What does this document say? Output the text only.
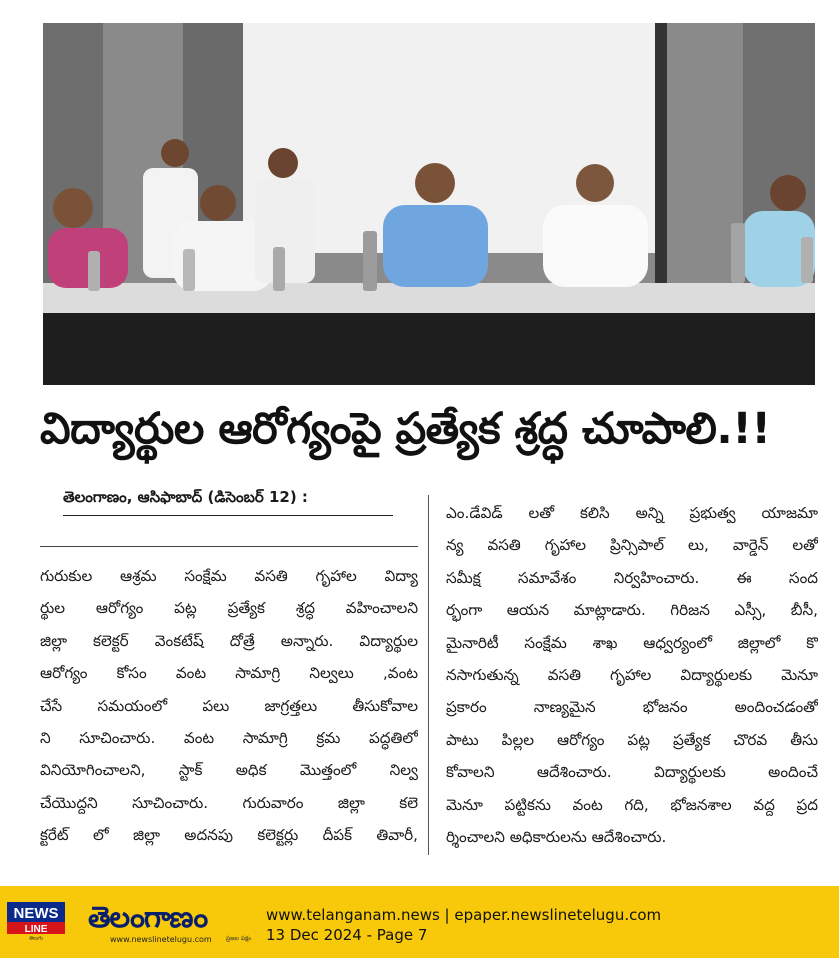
విద్యార్థుల ఆరోగ్యంపై ప్రత్యేక శ్రద్ధ చూపాలి.!!
తెలంగాణం, ఆసిఫాబాద్ (డిసెంబర్ 12) :
గురుకుల ఆశ్రమ సంక్షేమ వసతి గృహాల విద్యా
ర్థుల ఆరోగ్యం పట్ల ప్రత్యేక శ్రద్ధ వహించాలని
జిల్లా కలెక్టర్ వెంకటేష్ దోత్రే అన్నారు. విద్యార్థుల
ఆరోగ్యం కోసం వంట సామాగ్రి నిల్వలు ,వంట
చేసే సమయంలో పలు జాగ్రత్తలు తీసుకోవాల
ని సూచించారు. వంట సామాగ్రి క్రమ పద్ధతిలో
వినియోగించాలని, స్టాక్ అధిక మొత్తంలో నిల్వ
చేయొద్దని సూచించారు. గురువారం జిల్లా కలె
క్టరేట్ లో జిల్లా అదనపు కలెక్టర్లు దీపక్ తివారీ,
ఎం.డేవిడ్ లతో కలిసి అన్ని ప్రభుత్వ యాజమా
న్య వసతి గృహాల ప్రిన్సిపాల్ లు, వార్డెన్ లతో
సమీక్ష సమావేశం నిర్వహించారు. ఈ సంద
ర్భంగా ఆయన మాట్లాడారు. గిరిజన ఎస్సీ, బీసీ,
మైనారిటీ సంక్షేమ శాఖ ఆధ్వర్యంలో జిల్లాలో కొ
నసాగుతున్న వసతి గృహాల విద్యార్థులకు మెనూ
ప్రకారం నాణ్యమైన భోజనం అందించడంతో
పాటు పిల్లల ఆరోగ్యం పట్ల ప్రత్యేక చొరవ తీసు
కోవాలని ఆదేశించారు. విద్యార్థులకు అందించే
మెనూ పట్టికను వంట గది, భోజనశాల వద్ద ప్రద
ర్శించాలని అధికారులను ఆదేశించారు.
NEWS
LINE
తెలుగు
తెలంగాణం
www.newslinetelugu.com ప్రజల పక్షం
www.telanganam.news | epaper.newslinetelugu.com
13 Dec 2024 - Page 7
